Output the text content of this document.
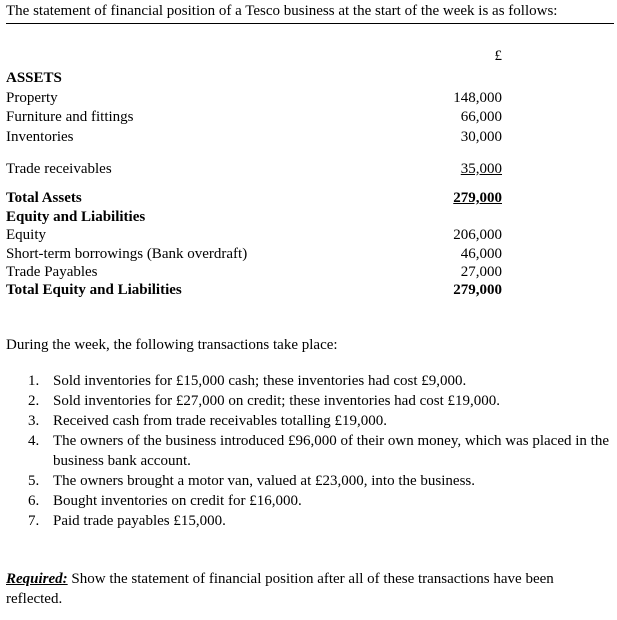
The statement of financial position of a Tesco business at the start of the week is as follows:
£
ASSETS
Property	148,000
Furniture and fittings	66,000
Inventories	30,000
Trade receivables	35,000
Total Assets	279,000
Equity and Liabilities
Equity	206,000
Short-term borrowings (Bank overdraft)	46,000
Trade Payables	27,000
Total Equity and Liabilities	279,000
During the week, the following transactions take place:
1. Sold inventories for £15,000 cash; these inventories had cost £9,000.
2. Sold inventories for £27,000 on credit; these inventories had cost £19,000.
3. Received cash from trade receivables totalling £19,000.
4. The owners of the business introduced £96,000 of their own money, which was placed in the business bank account.
5. The owners brought a motor van, valued at £23,000, into the business.
6. Bought inventories on credit for £16,000.
7. Paid trade payables £15,000.
Required: Show the statement of financial position after all of these transactions have been reflected.
